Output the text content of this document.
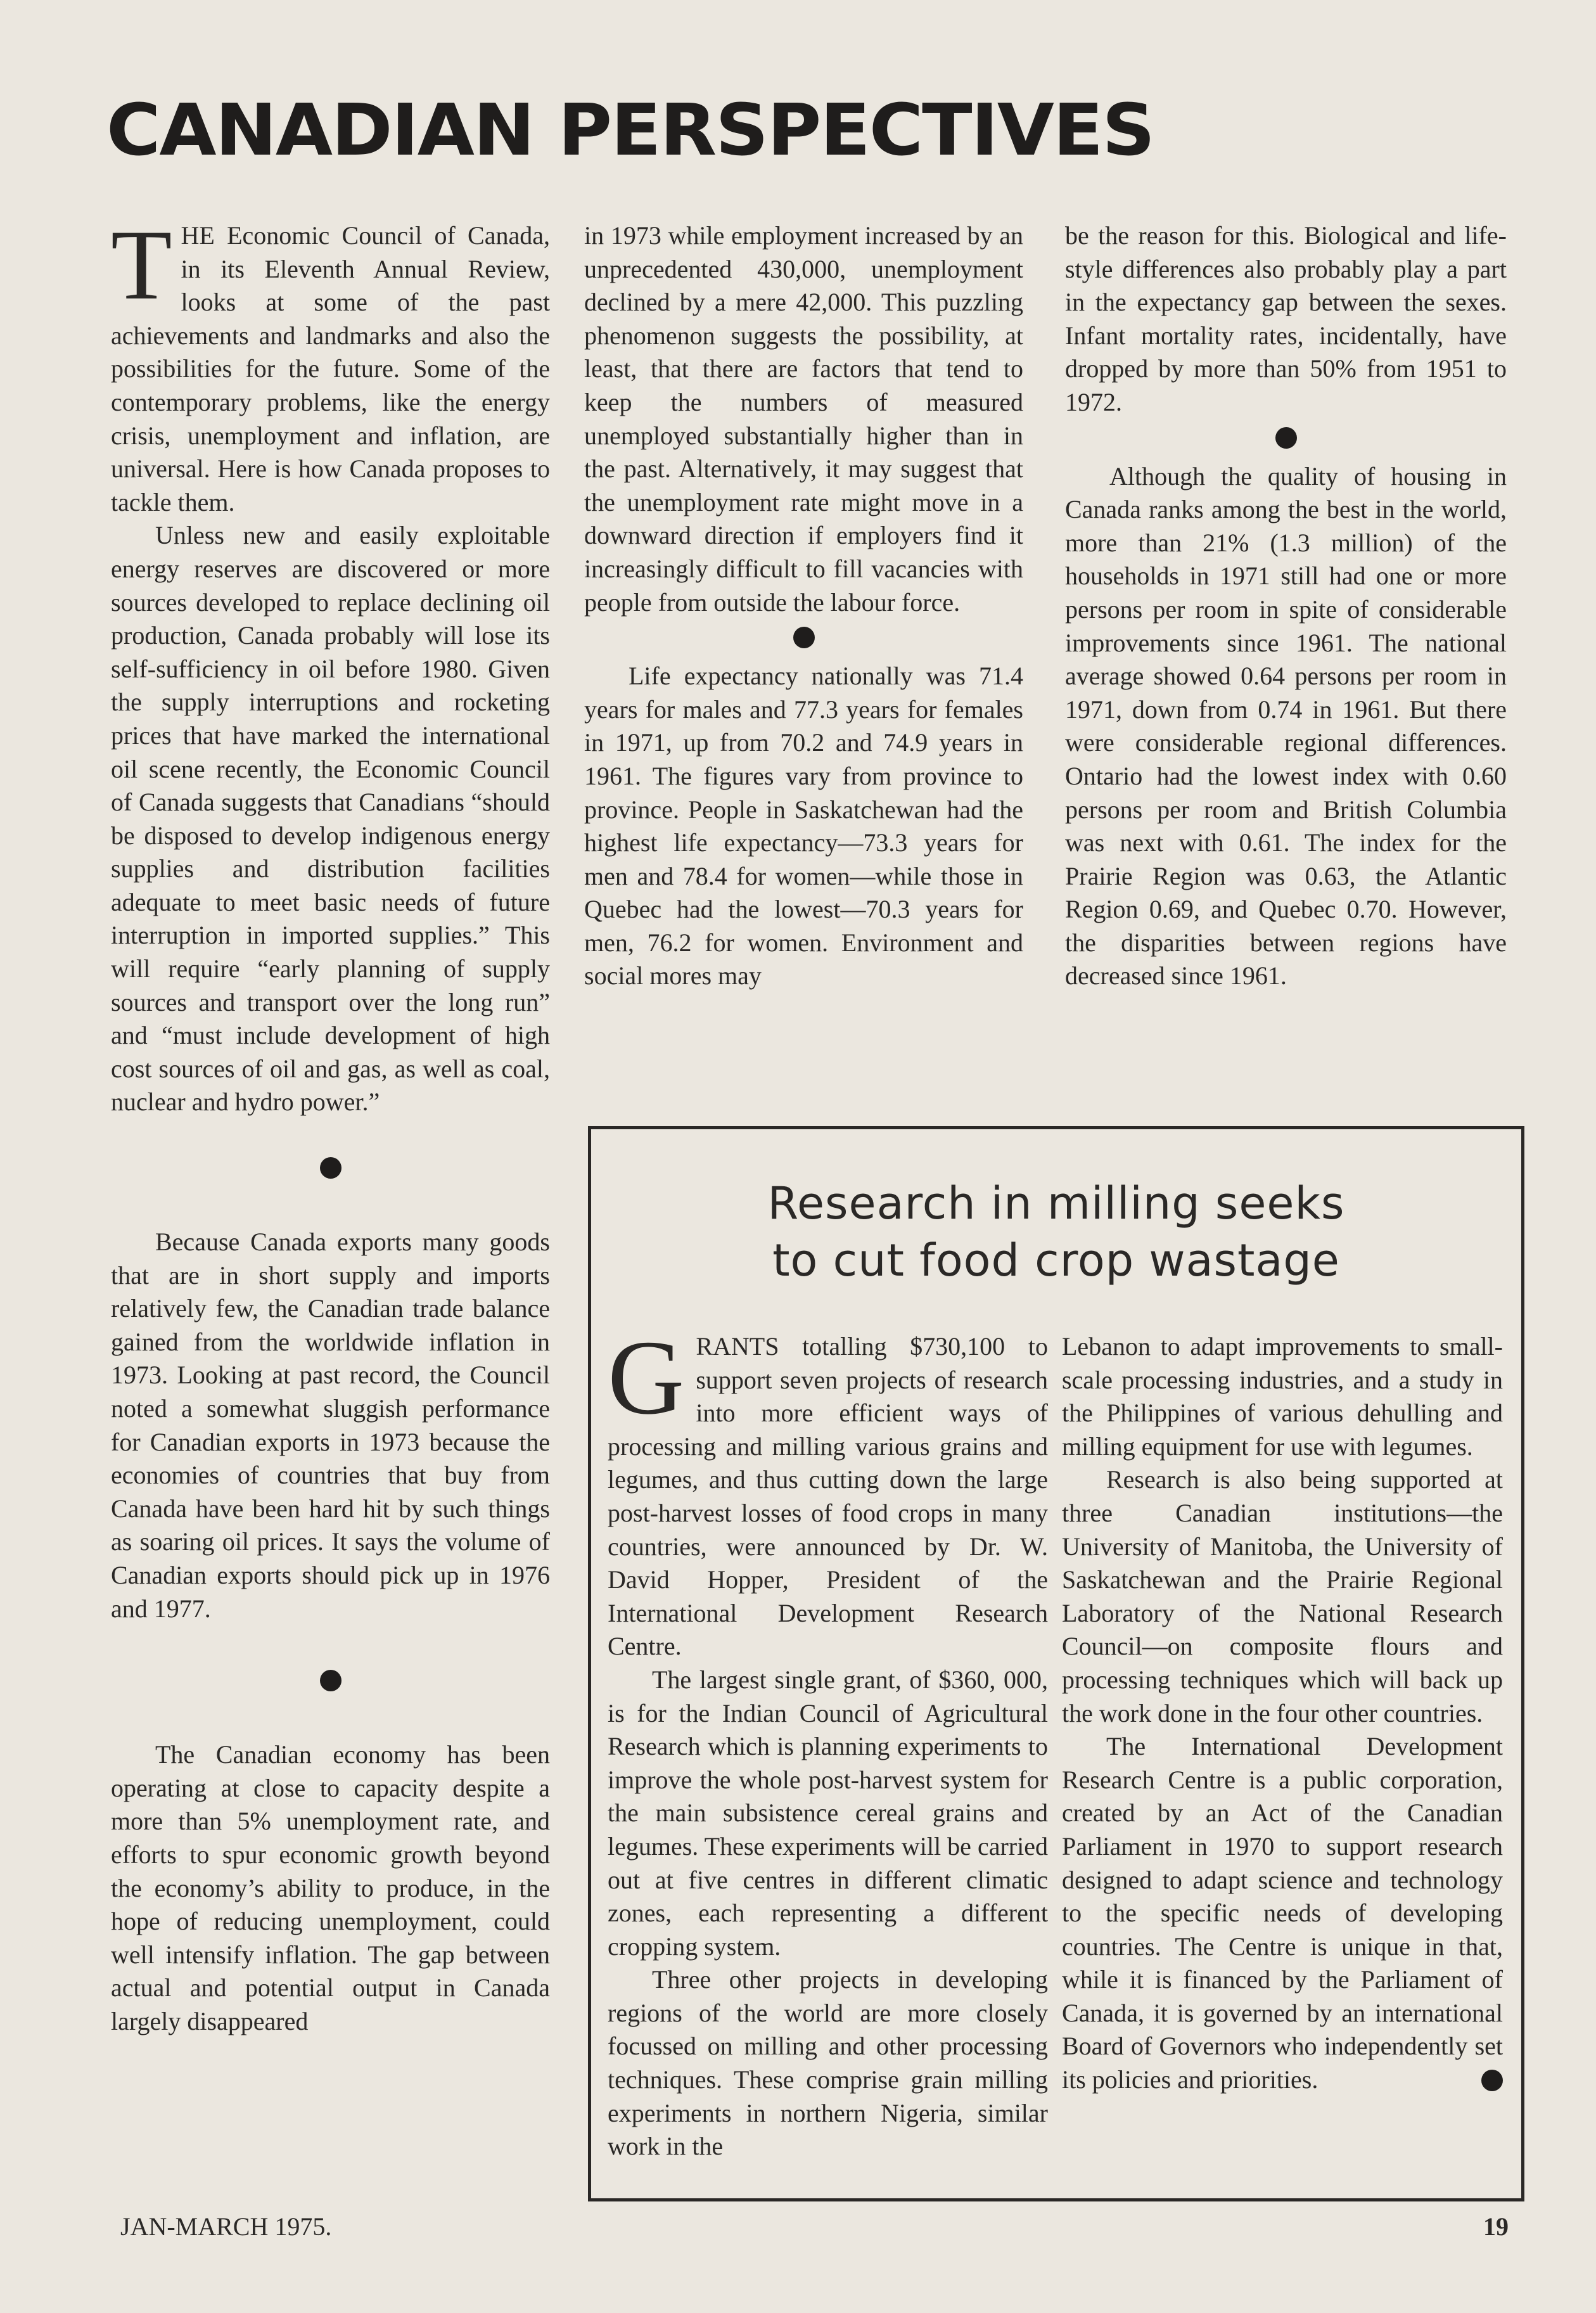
CANADIAN PERSPECTIVES

THE Economic Council of Canada, in its Eleventh Annual Review, looks at some of the past achievements and landmarks and also the possibilities for the future. Some of the contemporary problems, like the energy crisis, unemployment and inflation, are universal. Here is how Canada proposes to tackle them.

Unless new and easily exploitable energy reserves are discovered or more sources developed to replace declining oil production, Canada probably will lose its self-sufficiency in oil before 1980. Given the supply interruptions and rocketing prices that have marked the international oil scene recently, the Economic Council of Canada suggests that Canadians “should be disposed to develop indigenous energy supplies and distribution facilities adequate to meet basic needs of future interruption in imported supplies.” This will require “early planning of supply sources and transport over the long run” and “must include development of high cost sources of oil and gas, as well as coal, nuclear and hydro power.”

Because Canada exports many goods that are in short supply and imports relatively few, the Canadian trade balance gained from the worldwide inflation in 1973. Looking at past record, the Council noted a somewhat sluggish performance for Canadian exports in 1973 because the economies of countries that buy from Canada have been hard hit by such things as soaring oil prices. It says the volume of Canadian exports should pick up in 1976 and 1977.

The Canadian economy has been operating at close to capacity despite a more than 5% unemployment rate, and efforts to spur economic growth beyond the economy’s ability to produce, in the hope of reducing unemployment, could well intensify inflation. The gap between actual and potential output in Canada largely disappeared

in 1973 while employment increased by an unprecedented 430,000, unemployment declined by a mere 42,000. This puzzling phenomenon suggests the possibility, at least, that there are factors that tend to keep the numbers of measured unemployed substantially higher than in the past. Alternatively, it may suggest that the unemployment rate might move in a downward direction if employers find it increasingly difficult to fill vacancies with people from outside the labour force.

Life expectancy nationally was 71.4 years for males and 77.3 years for females in 1971, up from 70.2 and 74.9 years in 1961. The figures vary from province to province. People in Saskatchewan had the highest life expectancy—73.3 years for men and 78.4 for women—while those in Quebec had the lowest—70.3 years for men, 76.2 for women. Environment and social mores may

be the reason for this. Biological and life-style differences also probably play a part in the expectancy gap between the sexes. Infant mortality rates, incidentally, have dropped by more than 50% from 1951 to 1972.

Although the quality of housing in Canada ranks among the best in the world, more than 21% (1.3 million) of the households in 1971 still had one or more persons per room in spite of considerable improvements since 1961. The national average showed 0.64 persons per room in 1971, down from 0.74 in 1961. But there were considerable regional differences. Ontario had the lowest index with 0.60 persons per room and British Columbia was next with 0.61. The index for the Prairie Region was 0.63, the Atlantic Region 0.69, and Quebec 0.70. However, the disparities between regions have decreased since 1961.

Research in milling seeks
to cut food crop wastage

GRANTS totalling $730,100 to support seven projects of research into more efficient ways of processing and milling various grains and legumes, and thus cutting down the large post-harvest losses of food crops in many countries, were announced by Dr. W. David Hopper, President of the International Development Research Centre.

The largest single grant, of $360, 000, is for the Indian Council of Agricultural Research which is planning experiments to improve the whole post-harvest system for the main subsistence cereal grains and legumes. These experiments will be carried out at five centres in different climatic zones, each representing a different cropping system.

Three other projects in developing regions of the world are more closely focussed on milling and other processing techniques. These comprise grain milling experiments in northern Nigeria, similar work in the

Lebanon to adapt improvements to small-scale processing industries, and a study in the Philippines of various dehulling and milling equipment for use with legumes.

Research is also being supported at three Canadian institutions—the University of Manitoba, the University of Saskatchewan and the Prairie Regional Laboratory of the National Research Council—on composite flours and processing techniques which will back up the work done in the four other countries.

The International Development Research Centre is a public corporation, created by an Act of the Canadian Parliament in 1970 to support research designed to adapt science and technology to the specific needs of developing countries. The Centre is unique in that, while it is financed by the Parliament of Canada, it is governed by an international Board of Governors who independently set its policies and priorities.

JAN-MARCH 1975.	19
